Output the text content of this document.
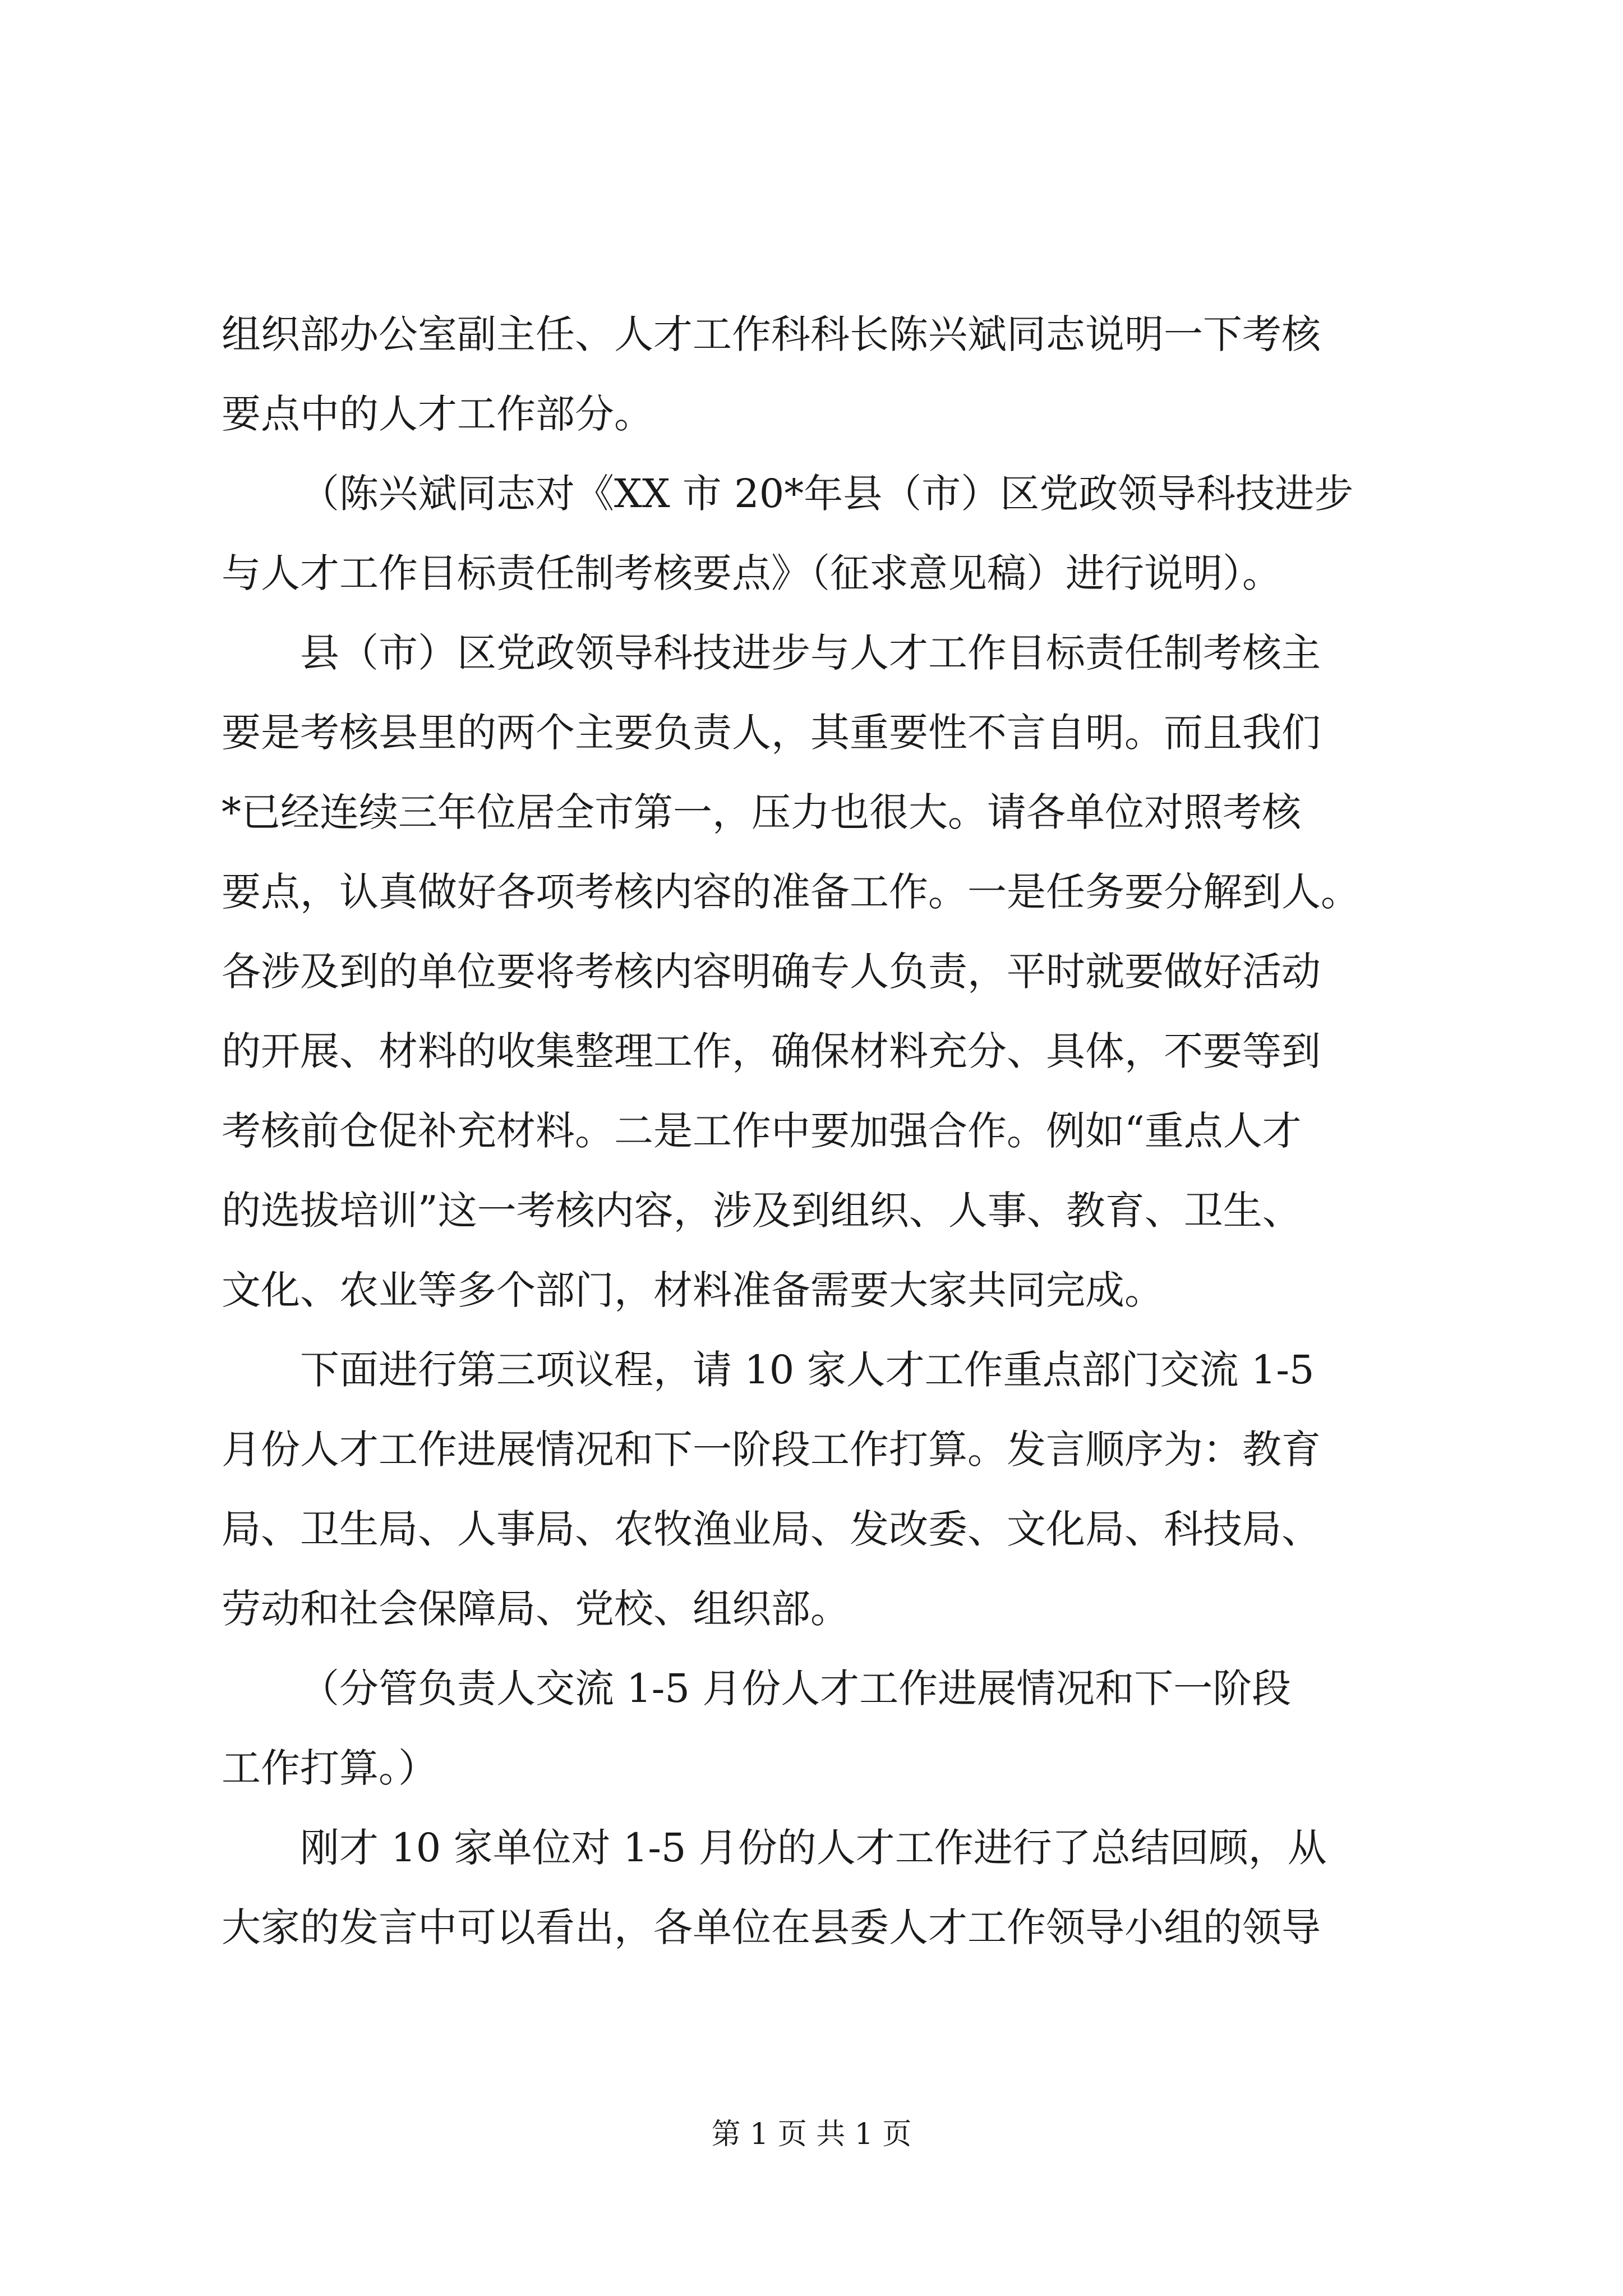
组织部办公室副主任、人才工作科科长陈兴斌同志说明一下考核
要点中的人才工作部分。
（陈兴斌同志对《XX 市 20*年县（市）区党政领导科技进步
与人才工作目标责任制考核要点》（征求意见稿）进行说明）。
县（市）区党政领导科技进步与人才工作目标责任制考核主
要是考核县里的两个主要负责人，其重要性不言自明。而且我们
*已经连续三年位居全市第一，压力也很大。请各单位对照考核
要点，认真做好各项考核内容的准备工作。一是任务要分解到人。
各涉及到的单位要将考核内容明确专人负责，平时就要做好活动
的开展、材料的收集整理工作，确保材料充分、具体，不要等到
考核前仓促补充材料。二是工作中要加强合作。例如“重点人才
的选拔培训”这一考核内容，涉及到组织、人事、教育、卫生、
文化、农业等多个部门，材料准备需要大家共同完成。
下面进行第三项议程，请 10 家人才工作重点部门交流 1-5
月份人才工作进展情况和下一阶段工作打算。发言顺序为：教育
局、卫生局、人事局、农牧渔业局、发改委、文化局、科技局、
劳动和社会保障局、党校、组织部。
（分管负责人交流 1-5 月份人才工作进展情况和下一阶段
工作打算。）
刚才 10 家单位对 1-5 月份的人才工作进行了总结回顾，从
大家的发言中可以看出，各单位在县委人才工作领导小组的领导
第 1 页 共 1 页
